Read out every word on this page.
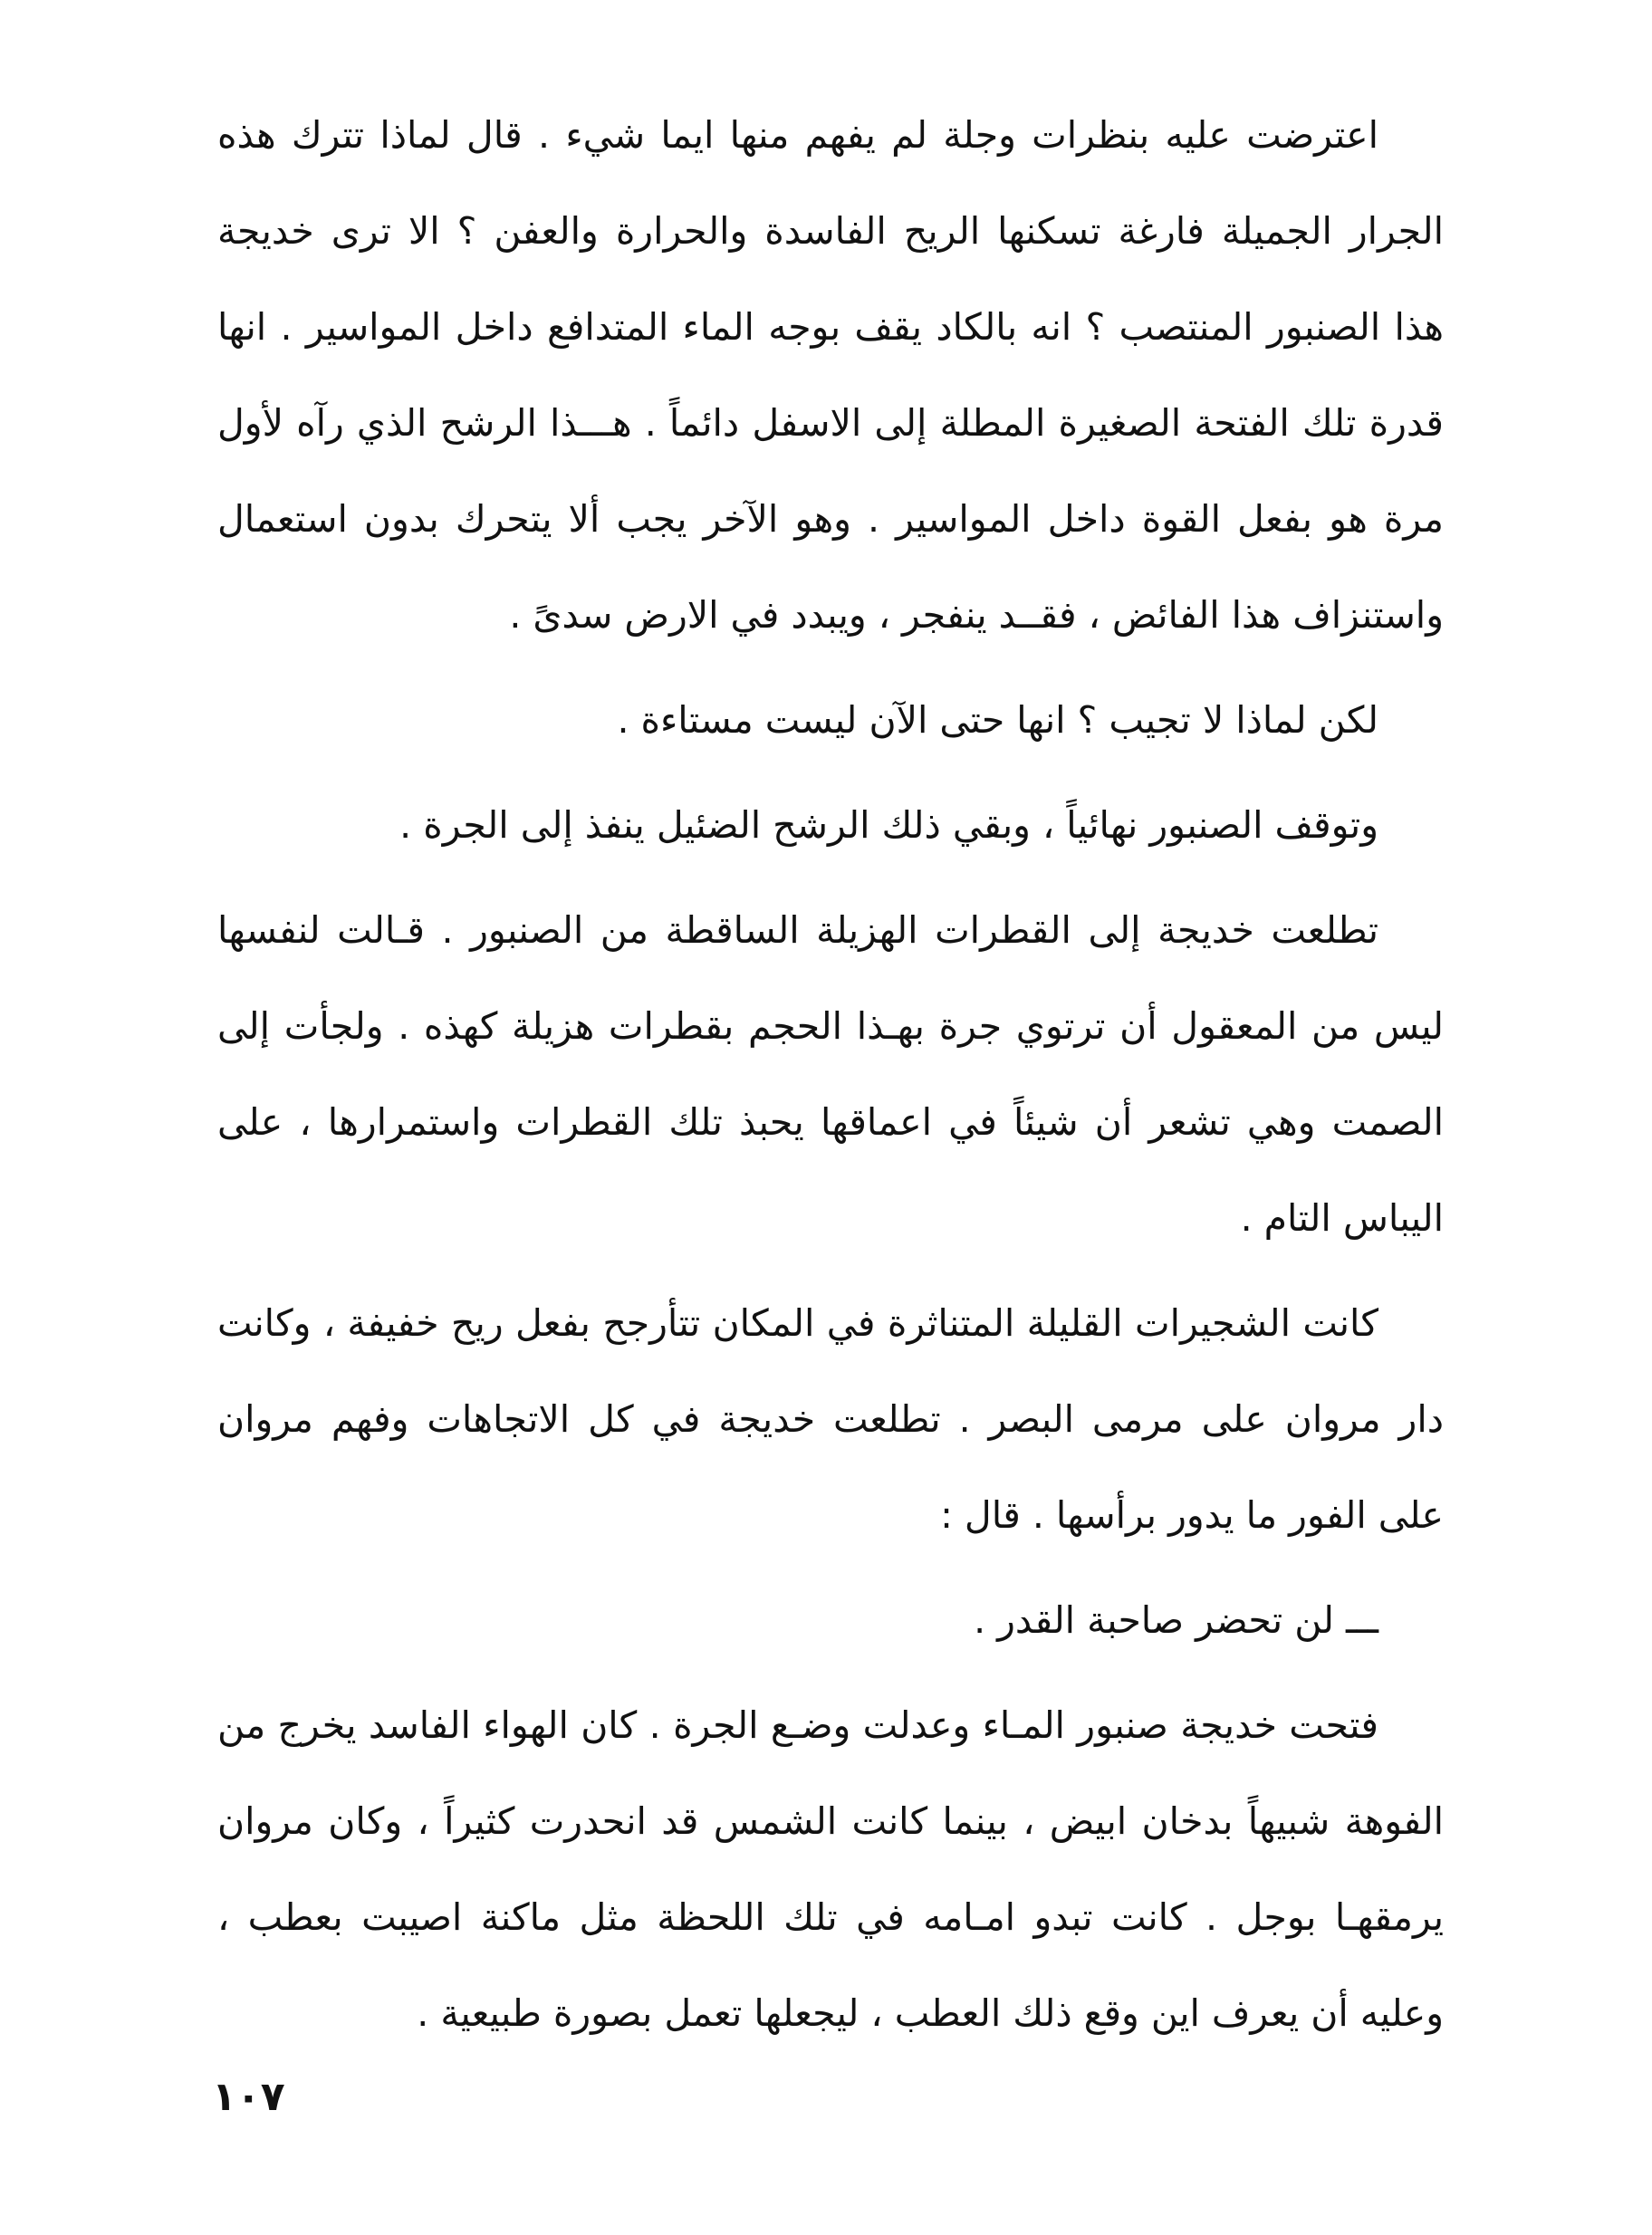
اعترضت عليه بنظرات وجلة لم يفهم منها ايما شيء . قال لماذا تترك هذه الجرار الجميلة فارغة تسكنها الريح الفاسدة والحرارة والعفن ؟ الا ترى خديجة هذا الصنبور المنتصب ؟ انه بالكاد يقف بوجه الماء المتدافع داخل المواسير . انها قدرة تلك الفتحة الصغيرة المطلة إلى الاسفل دائماً . هـــذا الرشح الذي رآه لأول مرة هو بفعل القوة داخل المواسير . وهو الآخر يجب ألا يتحرك بدون استعمال واستنزاف هذا الفائض ، فقــد ينفجر ، ويبدد في الارض سدىً .

لكن لماذا لا تجيب ؟ انها حتى الآن ليست مستاءة .

وتوقف الصنبور نهائياً ، وبقي ذلك الرشح الضئيل ينفذ إلى الجرة .

تطلعت خديجة إلى القطرات الهزيلة الساقطة من الصنبور . قـالت لنفسها ليس من المعقول أن ترتوي جرة بهـذا الحجم بقطرات هزيلة كهذه . ولجأت إلى الصمت وهي تشعر أن شيئاً في اعماقها يحبذ تلك القطرات واستمرارها ، على اليباس التام .

كانت الشجيرات القليلة المتناثرة في المكان تتأرجح بفعل ريح خفيفة ، وكانت دار مروان على مرمى البصر . تطلعت خديجة في كل الاتجاهات وفهم مروان على الفور ما يدور برأسها . قال :

ـــ لن تحضر صاحبة القدر .

فتحت خديجة صنبور المـاء وعدلت وضـع الجرة . كان الهواء الفاسد يخرج من الفوهة شبيهاً بدخان ابيض ، بينما كانت الشمس قد انحدرت كثيراً ، وكان مروان يرمقهـا بوجل . كانت تبدو امـامه في تلك اللحظة مثل ماكنة اصيبت بعطب ، وعليه أن يعرف اين وقع ذلك العطب ، ليجعلها تعمل بصورة طبيعية .

١٠٧
